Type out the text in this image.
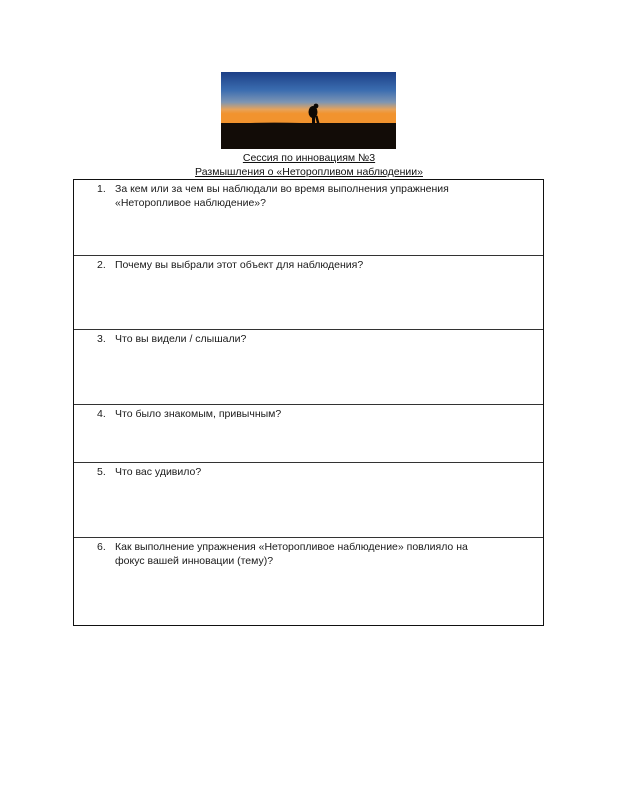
Сессия по инновациям №3
Размышления о «Неторопливом наблюдении»
1. За кем или за чем вы наблюдали во время выполнения упражнения «Неторопливое наблюдение»?
2. Почему вы выбрали этот объект для наблюдения?
3. Что вы видели / слышали?
4. Что было знакомым, привычным?
5. Что вас удивило?
6. Как выполнение упражнения «Неторопливое наблюдение» повлияло на фокус вашей инновации (тему)?
